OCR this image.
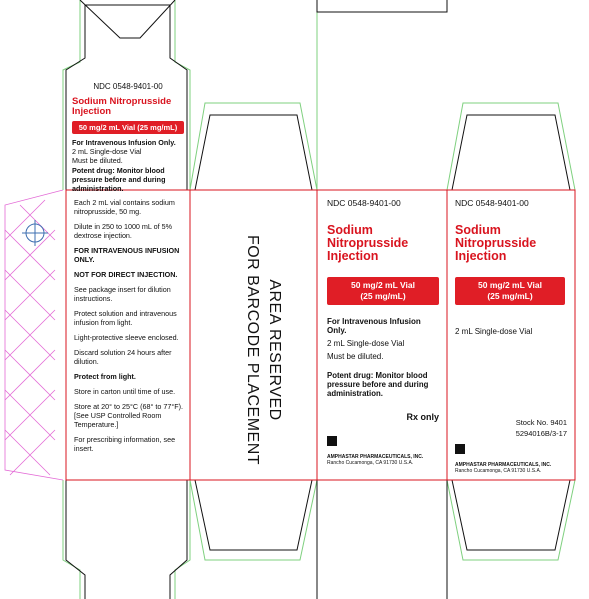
NDC 0548-9401-00
Sodium Nitroprusside Injection
50 mg/2 mL Vial (25 mg/mL)
For Intravenous Infusion Only.
2 mL Single-dose Vial
Must be diluted.
Potent drug: Monitor blood pressure before and during administration.
Each 2 mL vial contains sodium nitroprusside, 50 mg.
Dilute in 250 to 1000 mL of 5% dextrose injection.
FOR INTRAVENOUS INFUSION ONLY.
NOT FOR DIRECT INJECTION.
See package insert for dilution instructions.
Protect solution and intravenous infusion from light.
Light-protective sleeve enclosed.
Discard solution 24 hours after dilution.
Protect from light.
Store in carton until time of use.
Store at 20° to 25°C (68° to 77°F). [See USP Controlled Room Temperature.]
For prescribing information, see insert.
AREA RESERVED
FOR BARCODE PLACEMENT
NDC 0548-9401-00
Sodium Nitroprusside Injection
50 mg/2 mL Vial
(25 mg/mL)
For Intravenous Infusion Only.
2 mL Single-dose Vial
Must be diluted.
Potent drug: Monitor blood pressure before and during administration.
Rx only

AMPHASTAR PHARMACEUTICALS, INC.
Rancho Cucamonga, CA 91730 U.S.A.
NDC 0548-9401-00
Sodium Nitroprusside Injection
50 mg/2 mL Vial
(25 mg/mL)
2 mL Single-dose Vial
Stock No. 9401
5294016B/3-17

AMPHASTAR PHARMACEUTICALS, INC.
Rancho Cucamonga, CA 91730 U.S.A.
